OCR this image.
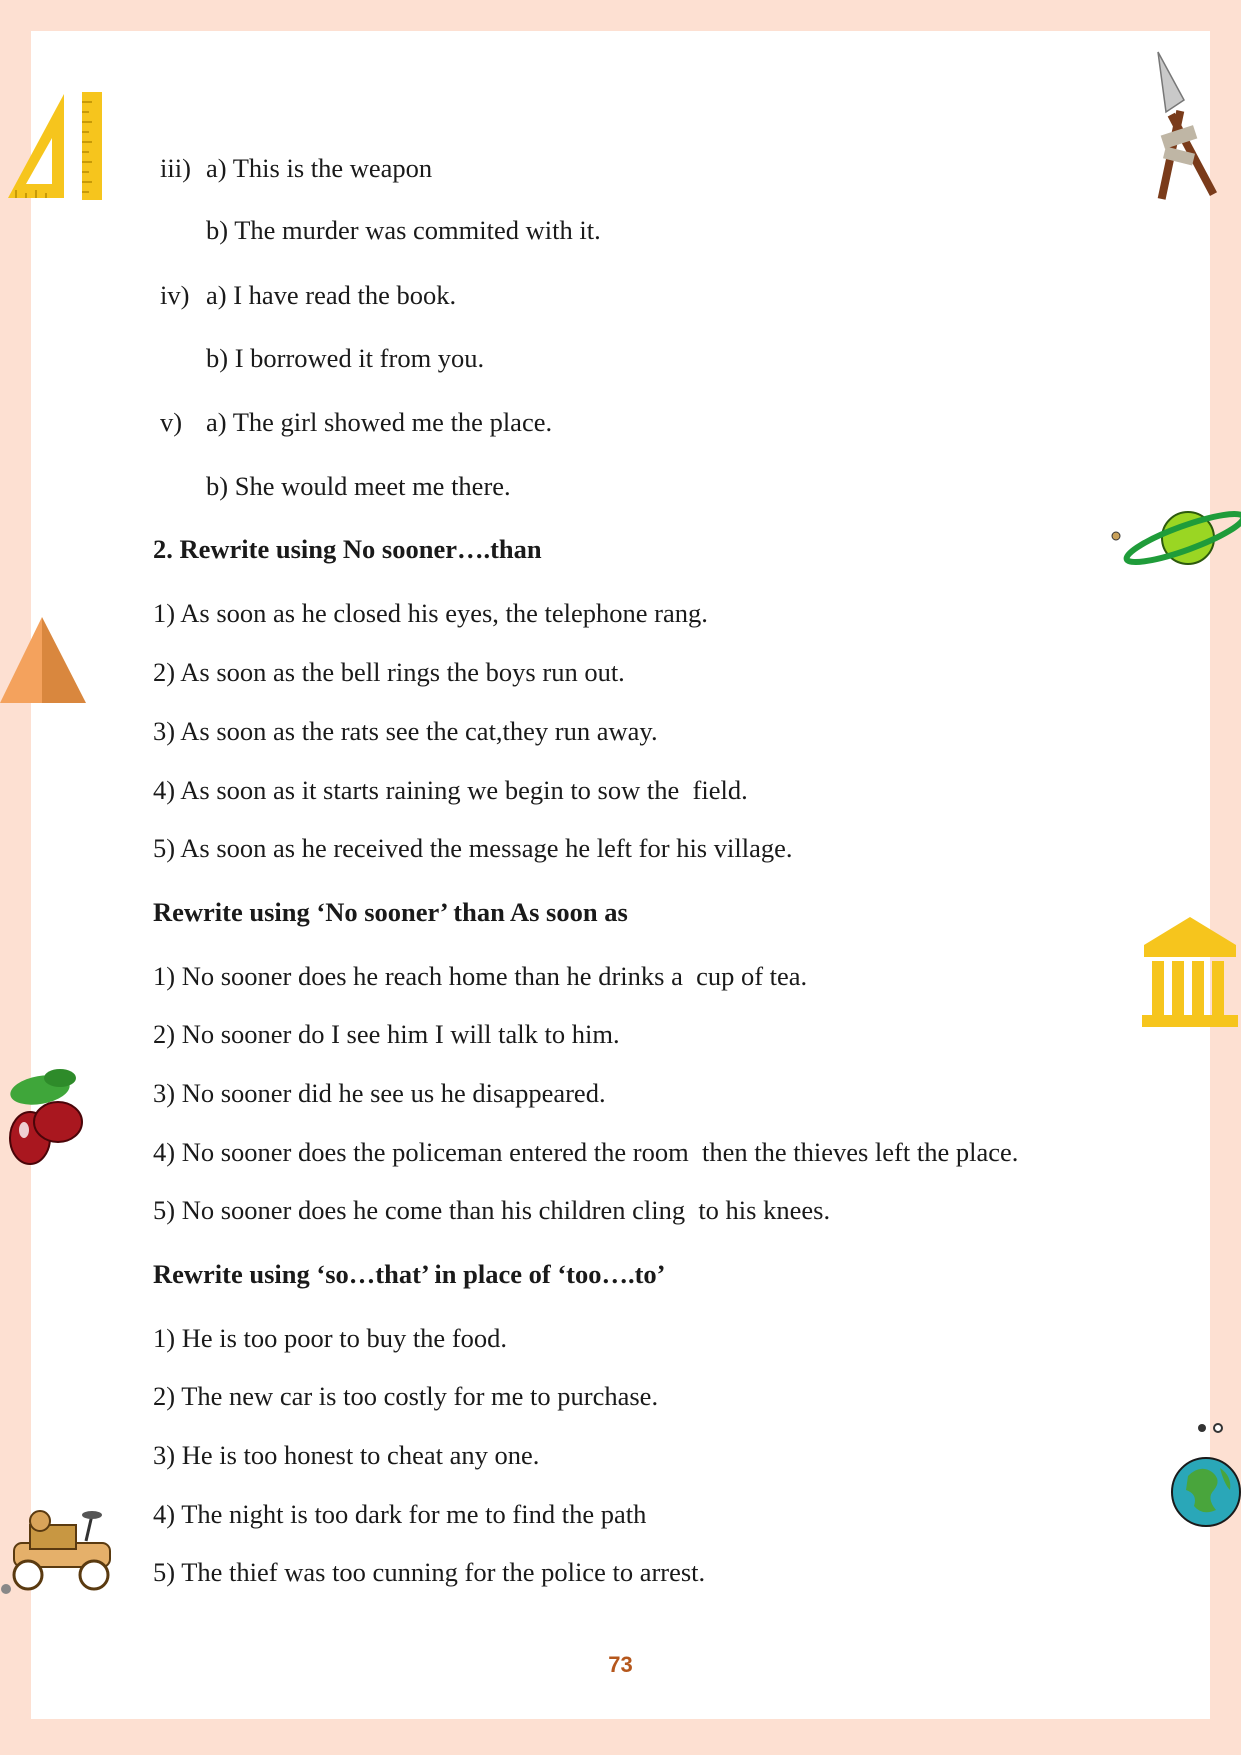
iii) a) This is the weapon
b) The murder was commited with it.
iv) a) I have read the book.
b) I borrowed it from you.
v) a) The girl showed me the place.
b) She would meet me there.
2. Rewrite using No sooner….than
1) As soon as he closed his eyes, the telephone rang.
2) As soon as the bell rings the boys run out.
3) As soon as the rats see the cat,they run away.
4) As soon as it starts raining we begin to sow the  field.
5) As soon as he received the message he left for his village.
Rewrite using ‘No sooner’ than As soon as
1) No sooner does he reach home than he drinks a  cup of tea.
2) No sooner do I see him I will talk to him.
3) No sooner did he see us he disappeared.
4) No sooner does the policeman entered the room  then the thieves left the place.
5) No sooner does he come than his children cling  to his knees.
Rewrite using ‘so…that’ in place of ‘too….to’
1) He is too poor to buy the food.
2) The new car is too costly for me to purchase.
3) He is too honest to cheat any one.
4) The night is too dark for me to find the path
5) The thief was too cunning for the police to arrest.
73
